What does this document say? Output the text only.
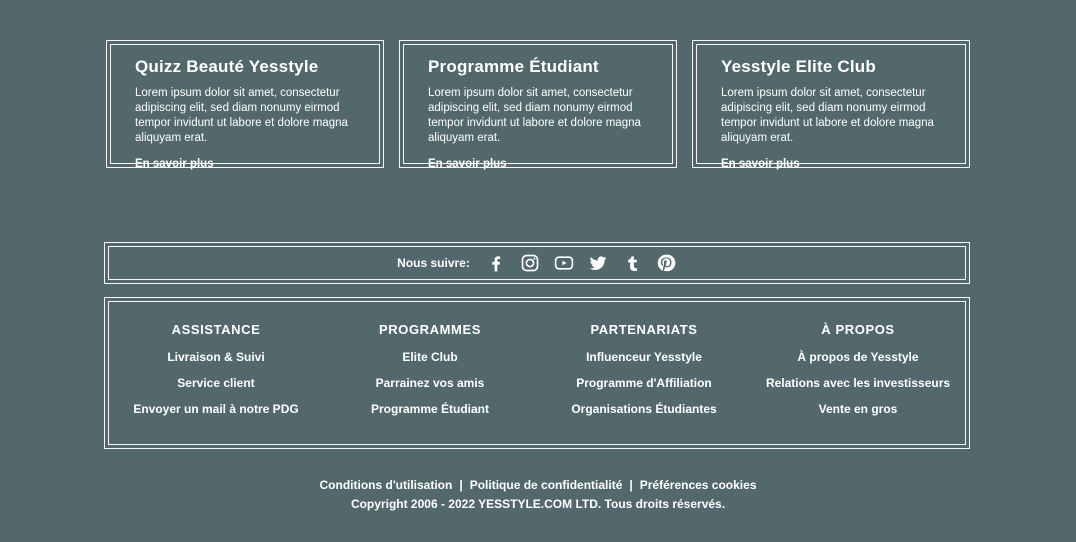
Quizz Beauté Yesstyle
Lorem ipsum dolor sit amet, consectetur adipiscing elit, sed diam nonumy eirmod tempor invidunt ut labore et dolore magna aliquyam erat.
En savoir plus
Programme Étudiant
Lorem ipsum dolor sit amet, consectetur adipiscing elit, sed diam nonumy eirmod tempor invidunt ut labore et dolore magna aliquyam erat.
En savoir plus
Yesstyle Elite Club
Lorem ipsum dolor sit amet, consectetur adipiscing elit, sed diam nonumy eirmod tempor invidunt ut labore et dolore magna aliquyam erat.
En savoir plus
Nous suivre:
ASSISTANCE
Livraison & Suivi
Service client
Envoyer un mail à notre PDG
PROGRAMMES
Elite Club
Parrainez vos amis
Programme Étudiant
PARTENARIATS
Influenceur Yesstyle
Programme d'Affiliation
Organisations Étudiantes
À PROPOS
À propos de Yesstyle
Relations avec les investisseurs
Vente en gros
Conditions d'utilisation | Politique de confidentialité | Préférences cookies
Copyright 2006 - 2022 YESSTYLE.COM LTD. Tous droits réservés.
